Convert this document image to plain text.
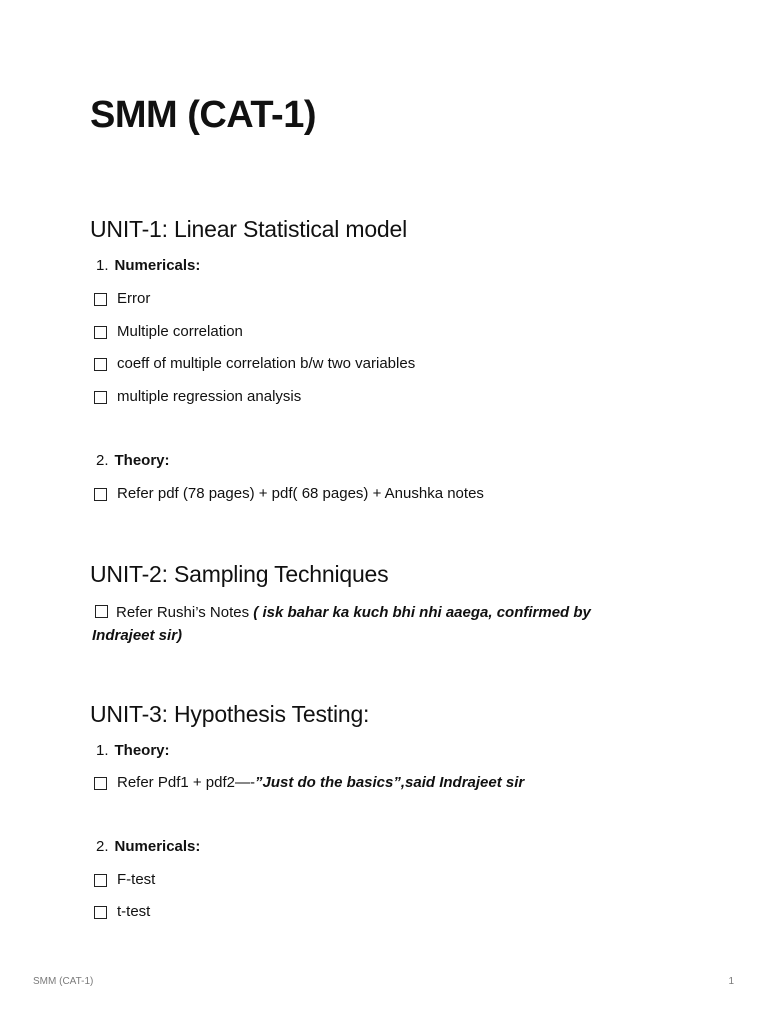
SMM (CAT-1)
UNIT-1: Linear Statistical model
1. Numericals:
Error
Multiple correlation
coeff of multiple correlation b/w two variables
multiple regression analysis
2. Theory:
Refer pdf (78 pages) + pdf( 68 pages) + Anushka notes
UNIT-2: Sampling Techniques
Refer Rushi’s Notes ( isk bahar ka kuch bhi nhi aaega, confirmed by Indrajeet sir)
UNIT-3: Hypothesis Testing:
1. Theory:
Refer Pdf1 + pdf2—- ”Just do the basics”,said Indrajeet sir
2. Numericals:
F-test
t-test
SMM (CAT-1)	1
